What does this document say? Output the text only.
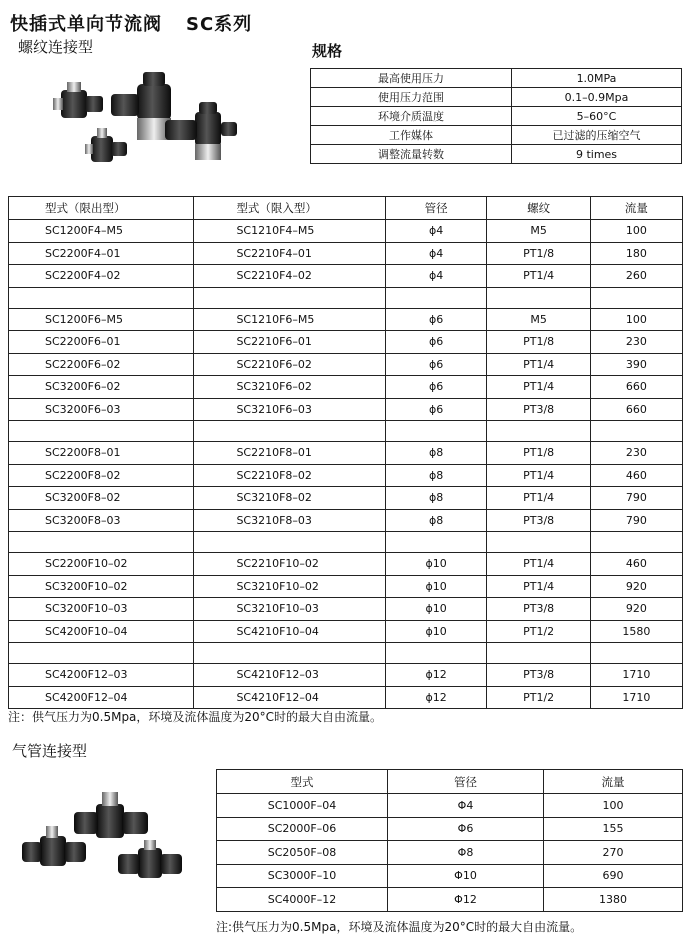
快插式单向节流阀 SC系列
螺纹连接型	规格
最高使用压力	1.0MPa
使用压力范围	0.1–0.9Mpa
环境介质温度	5–60°C
工作媒体	已过滤的压缩空气
调整流量转数	9 times
型式（限出型）	型式（限入型）	管径	螺纹	流量
SC1200F4–M5	SC1210F4–M5	ϕ4	M5	100
SC2200F4–01	SC2210F4–01	ϕ4	PT1/8	180
SC2200F4–02	SC2210F4–02	ϕ4	PT1/4	260

SC1200F6–M5	SC1210F6–M5	ϕ6	M5	100
SC2200F6–01	SC2210F6–01	ϕ6	PT1/8	230
SC2200F6–02	SC2210F6–02	ϕ6	PT1/4	390
SC3200F6–02	SC3210F6–02	ϕ6	PT1/4	660
SC3200F6–03	SC3210F6–03	ϕ6	PT3/8	660

SC2200F8–01	SC2210F8–01	ϕ8	PT1/8	230
SC2200F8–02	SC2210F8–02	ϕ8	PT1/4	460
SC3200F8–02	SC3210F8–02	ϕ8	PT1/4	790
SC3200F8–03	SC3210F8–03	ϕ8	PT3/8	790

SC2200F10–02	SC2210F10–02	ϕ10	PT1/4	460
SC3200F10–02	SC3210F10–02	ϕ10	PT1/4	920
SC3200F10–03	SC3210F10–03	ϕ10	PT3/8	920
SC4200F10–04	SC4210F10–04	ϕ10	PT1/2	1580

SC4200F12–03	SC4210F12–03	ϕ12	PT3/8	1710
SC4200F12–04	SC4210F12–04	ϕ12	PT1/2	1710
注：供气压力为0.5Mpa，环境及流体温度为20°C时的最大自由流量。
气管连接型
型式	管径	流量
SC1000F–04	Φ4	100
SC2000F–06	Φ6	155
SC2050F–08	Φ8	270
SC3000F–10	Φ10	690
SC4000F–12	Φ12	1380
注:供气压力为0.5Mpa，环境及流体温度为20°C时的最大自由流量。
